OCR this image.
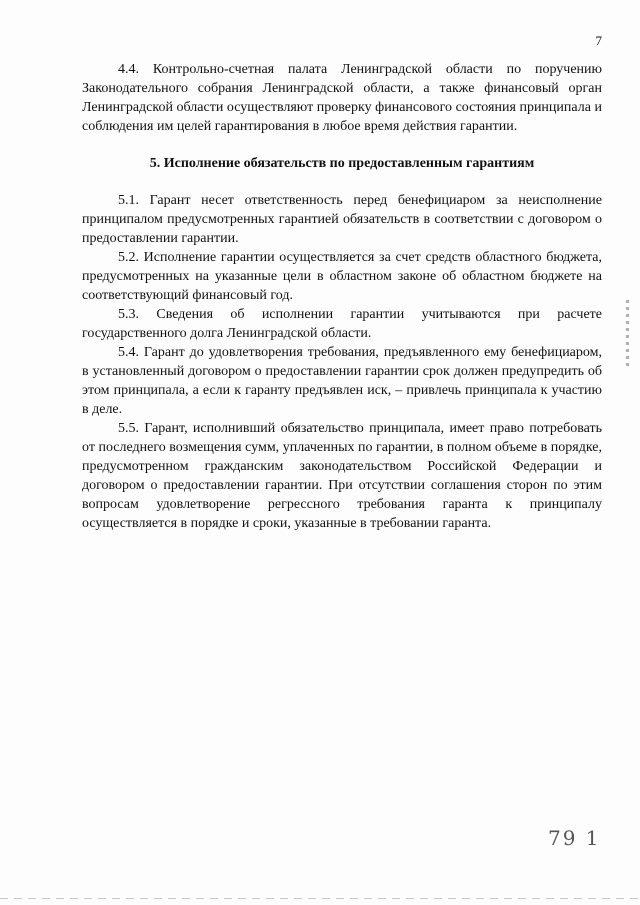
7

4.4. Контрольно-счетная палата Ленинградской области по поручению Законодательного собрания Ленинградской области, а также финансовый орган Ленинградской области осуществляют проверку финансового состояния принципала и соблюдения им целей гарантирования в любое время действия гарантии.

5. Исполнение обязательств по предоставленным гарантиям

5.1. Гарант несет ответственность перед бенефициаром за неисполнение принципалом предусмотренных гарантией обязательств в соответствии с договором о предоставлении гарантии.

5.2. Исполнение гарантии осуществляется за счет средств областного бюджета, предусмотренных на указанные цели в областном законе об областном бюджете на соответствующий финансовый год.

5.3. Сведения об исполнении гарантии учитываются при расчете государственного долга Ленинградской области.

5.4. Гарант до удовлетворения требования, предъявленного ему бенефициаром, в установленный договором о предоставлении гарантии срок должен предупредить об этом принципала, а если к гаранту предъявлен иск, – привлечь принципала к участию в деле.

5.5. Гарант, исполнивший обязательство принципала, имеет право потребовать от последнего возмещения сумм, уплаченных по гарантии, в полном объеме в порядке, предусмотренном гражданским законодательством Российской Федерации и договором о предоставлении гарантии. При отсутствии соглашения сторон по этим вопросам удовлетворение регрессного требования гаранта к принципалу осуществляется в порядке и сроки, указанные в требовании гаранта.

79 1
